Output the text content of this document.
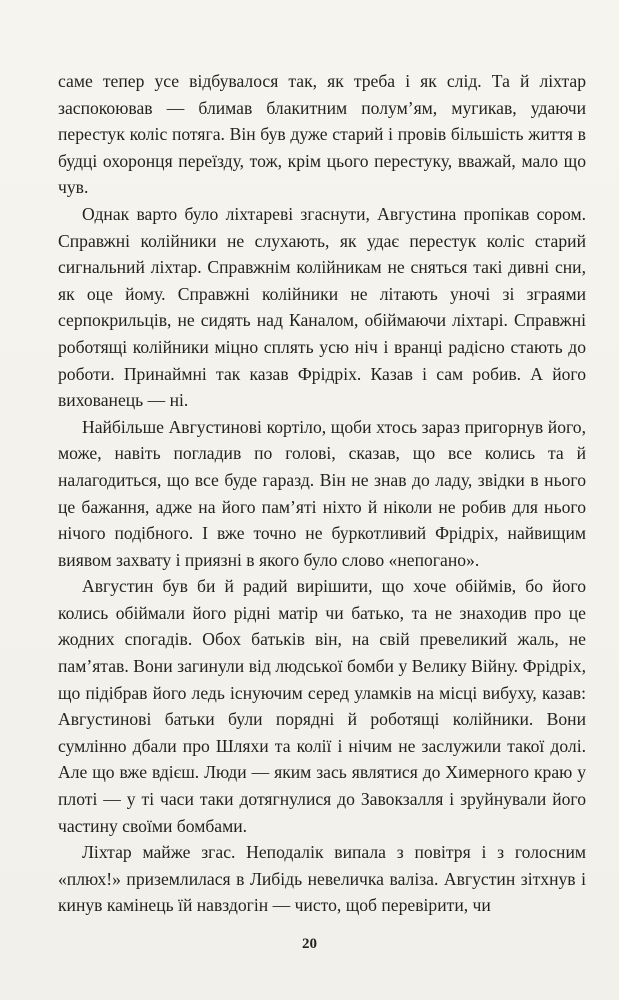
саме тепер усе відбувалося так, як треба і як слід. Та й ліхтар заспокоював — блимав блакитним полум’ям, мугикав, удаючи перестук коліс потяга. Він був дуже старий і провів більшість життя в будці охоронця переїзду, тож, крім цього перестуку, вважай, мало що чув.

Однак варто було ліхтареві згаснути, Августина пропікав сором. Справжні колійники не слухають, як удає перестук коліс старий сигнальний ліхтар. Справжнім колійникам не сняться такі дивні сни, як оце йому. Справжні колійники не літають уночі зі зграями серпокрильців, не сидять над Каналом, обіймаючи ліхтарі. Справжні роботящі колійники міцно сплять усю ніч і вранці радісно стають до роботи. Принаймні так казав Фрідріх. Казав і сам робив. А його вихованець — ні.

Найбільше Августинові кортіло, щоби хтось зараз пригорнув його, може, навіть погладив по голові, сказав, що все колись та й налагодиться, що все буде гаразд. Він не знав до ладу, звідки в нього це бажання, адже на його пам’яті ніхто й ніколи не робив для нього нічого подібного. І вже точно не буркотливий Фрідріх, найвищим виявом захвату і приязні в якого було слово «непогано».

Августин був би й радий вирішити, що хоче обіймів, бо його колись обіймали його рідні матір чи батько, та не знаходив про це жодних спогадів. Обох батьків він, на свій превеликий жаль, не пам’ятав. Вони загинули від людської бомби у Велику Війну. Фрідріх, що підібрав його ледь існуючим серед уламків на місці вибуху, казав: Августинові батьки були порядні й роботящі колійники. Вони сумлінно дбали про Шляхи та колії і нічим не заслужили такої долі. Але що вже вдієш. Люди — яким зась являтися до Химерного краю у плоті — у ті часи таки дотягнулися до Завокзалля і зруйнували його частину своїми бомбами.

Ліхтар майже згас. Неподалік випала з повітря і з голосним «плюх!» приземлилася в Либідь невеличка валіза. Августин зітхнув і кинув камінець їй навздогін — чисто, щоб перевірити, чи

20
